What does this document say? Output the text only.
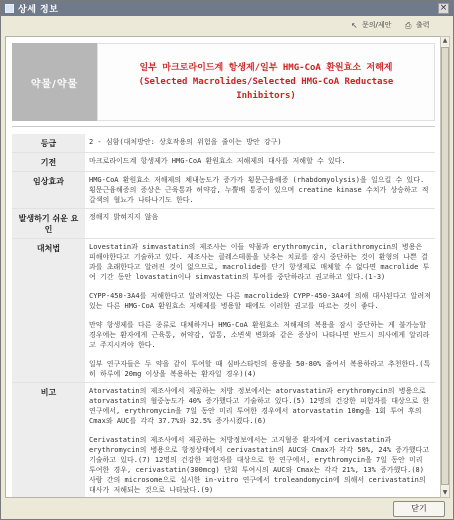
상세 정보	×
↖ 문의/제안 ⎙ 출력
약물/약물
일부 마크로라이드계 항생제/일부 HMG-CoA 환원효소 저해제
(Selected Macrolides/Selected HMG-CoA Reductase
Inhibitors)
등급	2 - 심함(대처방안: 상호작용의 위험을 줄이는 방안 강구)

기전	마크로라이드계 항생제가 HMG-CoA 환원효소 저해제의 대사를 저해할 수 있다.

임상효과	HMG-CoA 환원효소 저해제의 체내농도가 증가가 횡문근융해증 (rhabdomyolysis)을 일으킬 수 있다. 횡문근융해증의 증상은 근육통과 허약감, 누뿔배 통증이 있으며 creatine kinase 수치가 상승하고 적갈색의 혈뇨가 나타나기도 한다.

발생하기 쉬운 요인	정해지 밝혀지지 않음

대처법	Lovestatin과 simvastatin의 제조사는 이들 약물과 erythromycin, clarithromycin의 병용은 피해야한다고 기술하고 있다. 제조사는 클레스테롤을 낮추는 치료를 잠시 중단하는 것이 환형의 나쁜 결과를 초래한다고 알려진 것이 없으므로, macrolide를 단기 항생제로 매체할 수 없다면 macrolide 투여 기간 동안 lovastatin이나 simvastatin의 투여를 중단하라고 권고하고 있다.(1-3)

CYPP-450-3A4를 저해한다고 알려져있는 다른 macrolide와 CYPP-450-3A4에 의해 대사된다고 알려져 있는 다른 HMG-CoA 환원효소 저해제를 병용할 때에도 이러한 권고를 따르는 것이 좋다.

만약 항생제를 다른 종류로 대체하거나 HMG-CoA 환원효소 저해제의 복용을 잠시 중단하는 게 불가능할 경우에는 환자에게 근육통, 허약감, 압통, 소변색 변화와 같은 증상이 나타나면 반드시 의사에게 알리라고 주지시켜야 한다.

일부 연구자들은 두 약을 같이 투여할 때 심바스타틴의 용량을 50-80% 줄여서 복용하라고 추천한다.(특히 하루에 20mg 이상을 복용하는 환자일 경우)(4)

비고	Atorvastatin의 제조사에서 제공하는 처방 정보에서는 atorvastatin과 erythromycin의 병용으로 atorvastatin의 혈중농도가 40% 증가했다고 기술하고 있다.(5) 12명의 건강한 피험자를 대상으로 한 연구에서, erythromycin을 7일 동안 미리 투여한 경우에서 atorvastatin 10mg을 1회 투여 후의 Cmax와 AUC를 각각 37.7%와 32.5% 증가시켰다.(6)

Cerivastatin의 제조사에서 제공하는 처방정보에서는 고지혈증 환자에게 cerivastatin과 erythromycin의 병용으로 항정상태에서 cerivastatin의 AUC와 Cmax가 각각 50%, 24% 증가했다고 기술하고 있다.(7) 12명의 건강한 피험자를 대상으로 한 연구에서, erythromycin을 7일 동안 미리 투여한 경우, cerivastatin(300mcg) 단회 투여시의 AUC와 Cmax는 각각 21%, 13% 증가했다.(8) 사람 간의 microsome으로 실시한 in-vitro 연구에서 troleandomycin에 의해서 cerivastatin의 대사가 저해되는 것으로 나타났다.(9)

▲
▼
닫기
